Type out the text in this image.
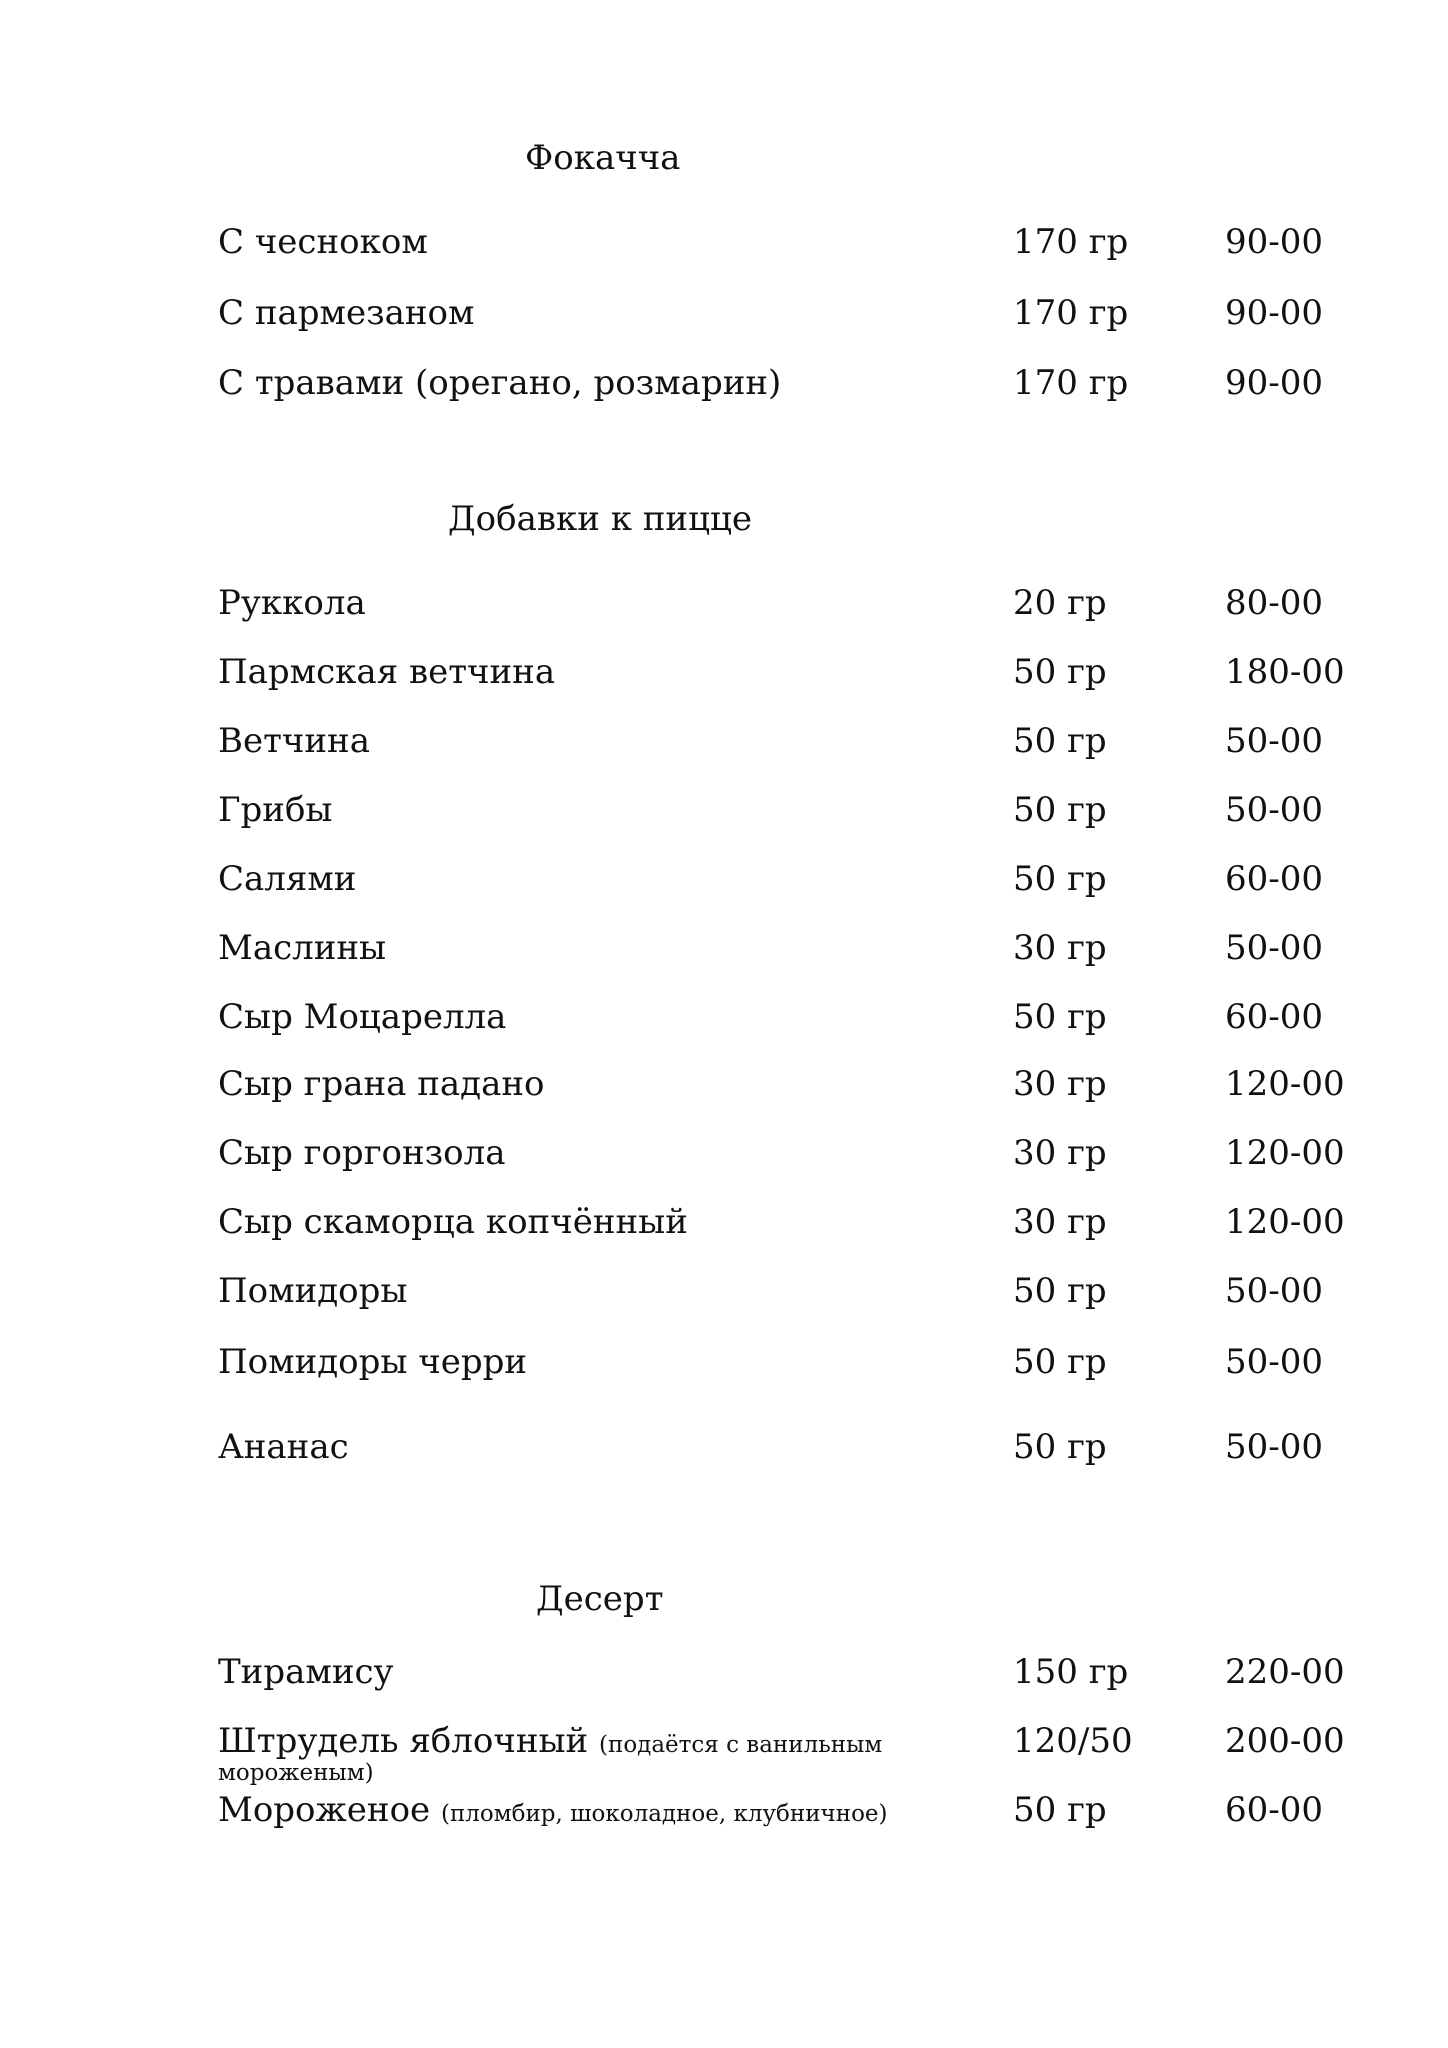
Фокачча
С чесноком	170 гр	90-00
С пармезаном	170 гр	90-00
С травами (орегано, розмарин)	170 гр	90-00
Добавки к пицце
Руккола	20 гр	80-00
Пармская ветчина	50 гр	180-00
Ветчина	50 гр	50-00
Грибы	50 гр	50-00
Салями	50 гр	60-00
Маслины	30 гр	50-00
Сыр Моцарелла	50 гр	60-00
Сыр грана падано	30 гр	120-00
Сыр горгонзола	30 гр	120-00
Сыр скаморца копчённый	30 гр	120-00
Помидоры	50 гр	50-00
Помидоры черри	50 гр	50-00
Ананас	50 гр	50-00
Десерт
Тирамису	150 гр	220-00
Штрудель яблочный (подаётся с ванильным	120/50	200-00
мороженым)
Мороженое (пломбир, шоколадное, клубничное)	50 гр	60-00
